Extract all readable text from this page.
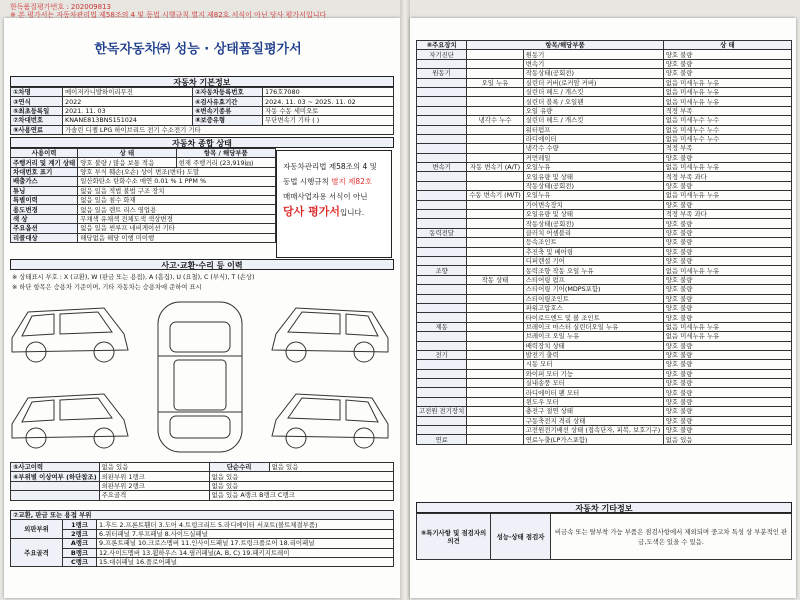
한독품질평가번호 : 202009813
※ 본 평가서는 자동차관리법 제58조의 4 및 동법 시행규칙 별지 제82호 서식이 아닌 당사 평가서입니다
한독자동차㈜ 성능 · 상태품질평가서
자동차 기본정보
①차명	메이저카니발하이리무진	②자동차등록번호	176호7080
③연식	2022	④검사유효기간	2024. 11. 03 ~ 2025. 11. 02
⑤최초등록일	2021. 11. 03	⑥변속기종류	자동 수동 세미오토
⑦차대번호	KNANE813BNS151024	⑧보증유형	무단변속기 기타 ( )
⑨사용연료	가솔린 디젤 LPG 하이브리드 전기 수소전기 기타		
자동차 종합 상태
사용이력	상 태	항목 / 해당부품
주행거리 및 계기 상태	양호 불량 / 많음 보통 적음	현재 주행거리 (23,919㎞)
차대번호 표기	양호 부식 훼손(오손) 상이 변조(변타) 도말	
배출가스	일산화탄소 탄화수소 매연 0.01 % 1 PPM %	
튜닝	없음 있음 적법 불법 구조 장치	
특별이력	없음 있음 침수 화재	
용도변경	없음 있음 렌트 리스 영업용	
색 상	무채색 유채색 전체도색 색상변경	
주요옵션	없음 있음 썬루프 네비게이션 기타	
리콜대상	해당없음 해당 이행 미이행	
자동차관리법 제58조의 4 및
동법 시행규칙 별지 제82호
매매사업자용 서식이 아닌
당사 평가서입니다.
사고·교환·수리 등 이력
※ 상태표시 부호 : X (교환), W (판금 또는 용접), A (흠집), U (요철), C (부식), T (손상)
※ 하단 항목은 승용차 기준이며, 기타 자동차는 승용차에 준하여 표시
⑤사고이력	없음 있음	단순수리	없음 있음
⑥부위별 이상여부 (하단참조)	외판부위 1랭크	없음 있음	
	외판부위 2랭크	없음 있음	
	주요골격	없음 있음 A랭크 B랭크 C랭크	
⑦교환, 판금 또는 용접 부위		
외판부위	1랭크	1.후드 2.프론트휀더 3.도어 4.트렁크리드 5.라디에이터 서포트(볼트체결부품)
	2랭크	6.쿼터패널 7.루프패널 8.사이드실패널
주요골격	A랭크	9.프론트패널 10.크로스멤버 11.인사이드패널 17.트렁크플로어 18.리어패널
	B랭크	12.사이드멤버 13.휠하우스 14.필러패널(A, B, C) 19.패키지트레이
	C랭크	15.대쉬패널 16.플로어패널
⑧주요장치	항목/해당부품		상 태
자기진단		원동기	양호 불량
		변속기	양호 불량
원동기		작동상태(공회전)	양호 불량
	오일 누유	실린더 커버(로커암 커버)	없음 미세누유 누유
		실린더 헤드 / 개스킷	없음 미세누유 누유
		실린더 블록 / 오일팬	없음 미세누유 누유
		오일 유량	적정 부족
	냉각수 누수	실린더 헤드 / 개스킷	없음 미세누수 누수
		워터펌프	없음 미세누수 누수
		라디에이터	없음 미세누수 누수
		냉각수 수량	적정 부족
		커먼레일	양호 불량
변속기	자동 변속기 (A/T)	오일누유	없음 미세누유 누유
		오일유량 및 상태	적정 부족 과다
		작동상태(공회전)	양호 불량
	수동 변속기 (M/T)	오일누유	없음 미세누유 누유
		기어변속장치	양호 불량
		오일유량 및 상태	적정 부족 과다
		작동상태(공회전)	양호 불량
동력전달		클러치 어셈블리	양호 불량
		등속조인트	양호 불량
		추진축 및 베어링	양호 불량
		디퍼렌셜 기어	양호 불량
조향		동력조향 작동 오일 누유	없음 미세누유 누유
	작동 상태	스티어링 펌프	양호 불량
		스티어링 기어(MDPS포함)	양호 불량
		스티어링조인트	양호 불량
		파워고압호스	양호 불량
		타이로드엔드 및 볼 조인트	양호 불량
제동		브레이크 마스터 실린더오일 누유	없음 미세누유 누유
		브레이크 오일 누유	없음 미세누유 누유
		배력장치 상태	양호 불량
전기		발전기 출력	양호 불량
		시동 모터	양호 불량
		와이퍼 모터 기능	양호 불량
		실내송풍 모터	양호 불량
		라디에이터 팬 모터	양호 불량
		윈도우 모터	양호 불량
고전원 전기장치		충전구 절연 상태	양호 불량
		구동축전지 격리 상태	양호 불량
		고전원전기배선 상태 (접속단자, 피복, 보호기구)	양호 불량
연료		연료누출(LP가스포함)	없음 있음
자동차 기타정보
⑨특기사항 및 점검자의 의견	성능·상태 점검자	비금속 또는 탈부착 가능 부품은 점검사항에서 제외되며 중고차 특성 상 부분적인 판금,도색은 있을 수 있음.
